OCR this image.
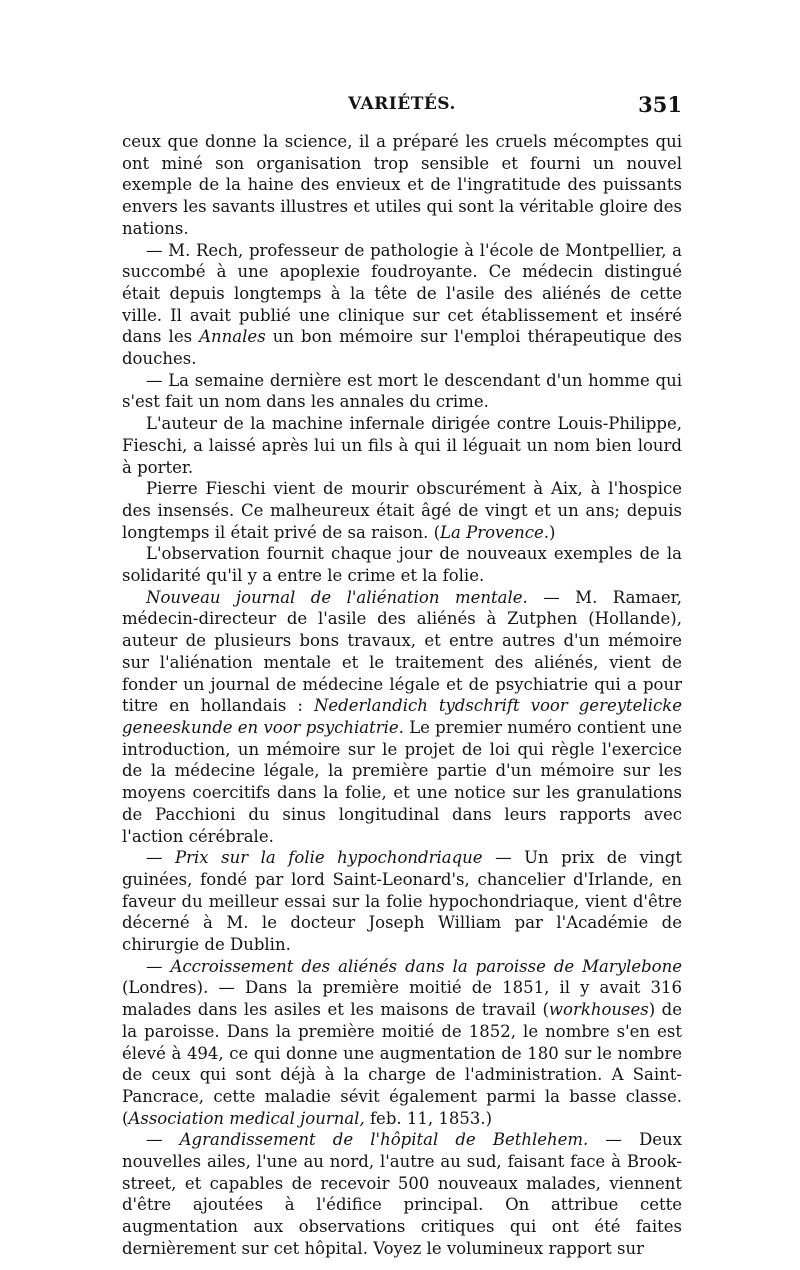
VARIÉTÉS.	351

ceux que donne la science, il a préparé les cruels mécomptes qui ont miné son organisation trop sensible et fourni un nouvel exemple de la haine des envieux et de l'ingratitude des puissants envers les savants illustres et utiles qui sont la véritable gloire des nations.

— M. Rech, professeur de pathologie à l'école de Montpellier, a succombé à une apoplexie foudroyante. Ce médecin distingué était depuis longtemps à la tête de l'asile des aliénés de cette ville. Il avait publié une clinique sur cet établissement et inséré dans les Annales un bon mémoire sur l'emploi thérapeutique des douches.

— La semaine dernière est mort le descendant d'un homme qui s'est fait un nom dans les annales du crime.

L'auteur de la machine infernale dirigée contre Louis-Philippe, Fieschi, a laissé après lui un fils à qui il léguait un nom bien lourd à porter.

Pierre Fieschi vient de mourir obscurément à Aix, à l'hospice des insensés. Ce malheureux était âgé de vingt et un ans; depuis longtemps il était privé de sa raison. (La Provence.)

L'observation fournit chaque jour de nouveaux exemples de la solidarité qu'il y a entre le crime et la folie.

Nouveau journal de l'aliénation mentale. — M. Ramaer, médecin-directeur de l'asile des aliénés à Zutphen (Hollande), auteur de plusieurs bons travaux, et entre autres d'un mémoire sur l'aliénation mentale et le traitement des aliénés, vient de fonder un journal de médecine légale et de psychiatrie qui a pour titre en hollandais : Nederlandich tydschrift voor gereytelicke geneeskunde en voor psychiatrie. Le premier numéro contient une introduction, un mémoire sur le projet de loi qui règle l'exercice de la médecine légale, la première partie d'un mémoire sur les moyens coercitifs dans la folie, et une notice sur les granulations de Pacchioni du sinus longitudinal dans leurs rapports avec l'action cérébrale.

— Prix sur la folie hypochondriaque — Un prix de vingt guinées, fondé par lord Saint-Leonard's, chancelier d'Irlande, en faveur du meilleur essai sur la folie hypochondriaque, vient d'être décerné à M. le docteur Joseph William par l'Académie de chirurgie de Dublin.

— Accroissement des aliénés dans la paroisse de Marylebone (Londres). — Dans la première moitié de 1851, il y avait 316 malades dans les asiles et les maisons de travail (workhouses) de la paroisse. Dans la première moitié de 1852, le nombre s'en est élevé à 494, ce qui donne une augmentation de 180 sur le nombre de ceux qui sont déjà à la charge de l'administration. A Saint-Pancrace, cette maladie sévit également parmi la basse classe. (Association medical journal, feb. 11, 1853.)

— Agrandissement de l'hôpital de Bethlehem. — Deux nouvelles ailes, l'une au nord, l'autre au sud, faisant face à Brook-street, et capables de recevoir 500 nouveaux malades, viennent d'être ajoutées à l'édifice principal. On attribue cette augmentation aux observations critiques qui ont été faites dernièrement sur cet hôpital. Voyez le volumineux rapport sur
